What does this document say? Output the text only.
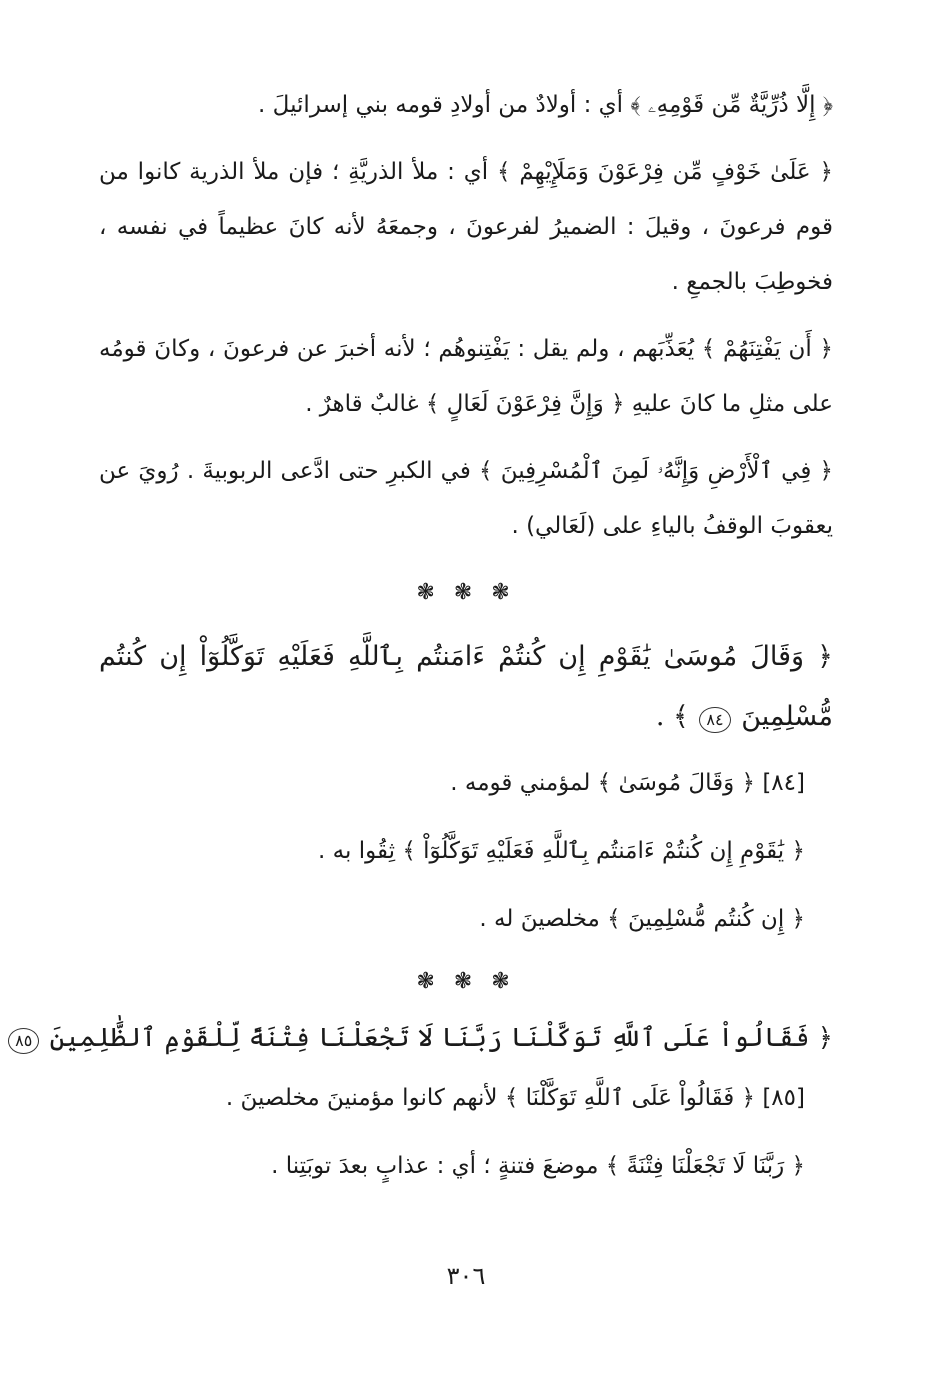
﴿ إِلَّا ذُرِّيَّةٌ مِّن قَوْمِهِۦ ﴾ أي : أولادٌ من أولادِ قومه بني إسرائيلَ .

﴿ عَلَىٰ خَوْفٍ مِّن فِرْعَوْنَ وَمَلَإِيْهِمْ ﴾ أي : ملأ الذريَّةِ ؛ فإن ملأ الذرية كانوا من قوم فرعونَ ، وقيلَ : الضميرُ لفرعونَ ، وجمعَهُ لأنه كانَ عظيماً في نفسه ، فخوطِبَ بالجمعِ .

﴿ أَن يَفْتِنَهُمْ ﴾ يُعَذِّبَهم ، ولم يقل : يَفْتِنوهُم ؛ لأنه أخبرَ عن فرعونَ ، وكانَ قومُه على مثلِ ما كانَ عليهِ ﴿ وَإِنَّ فِرْعَوْنَ لَعَالٍ ﴾ غالبٌ قاهرٌ .

﴿ فِي ٱلْأَرْضِ وَإِنَّهُۥ لَمِنَ ٱلْمُسْرِفِينَ ﴾ في الكبرِ حتى ادَّعى الربوبيةَ . رُويَ عن يعقوبَ الوقفُ بالياءِ على (لَعَالي) .

❃ ❃ ❃

﴿ وَقَالَ مُوسَىٰ يَٰقَوْمِ إِن كُنتُمْ ءَامَنتُم بِٱللَّهِ فَعَلَيْهِ تَوَكَّلُوٓاْ إِن كُنتُم مُّسْلِمِينَ ٨٤ ﴾ .

[٨٤] ﴿ وَقَالَ مُوسَىٰ ﴾ لمؤمني قومه .

﴿ يَٰقَوْمِ إِن كُنتُمْ ءَامَنتُم بِٱللَّهِ فَعَلَيْهِ تَوَكَّلُوٓاْ ﴾ ثِقُوا به .

﴿ إِن كُنتُم مُّسْلِمِينَ ﴾ مخلصينَ له .

❃ ❃ ❃

﴿ فَقَالُواْ عَلَى ٱللَّهِ تَوَكَّلْنَا رَبَّنَا لَا تَجْعَلْنَا فِتْنَةً لِّلْقَوْمِ ٱلظَّٰلِمِينَ ٨٥

[٨٥] ﴿ فَقَالُواْ عَلَى ٱللَّهِ تَوَكَّلْنَا ﴾ لأنهم كانوا مؤمنينَ مخلصينَ .

﴿ رَبَّنَا لَا تَجْعَلْنَا فِتْنَةً ﴾ موضعَ فتنةٍ ؛ أي : عذابٍ بعدَ توبَتِنا .

٣٠٦
